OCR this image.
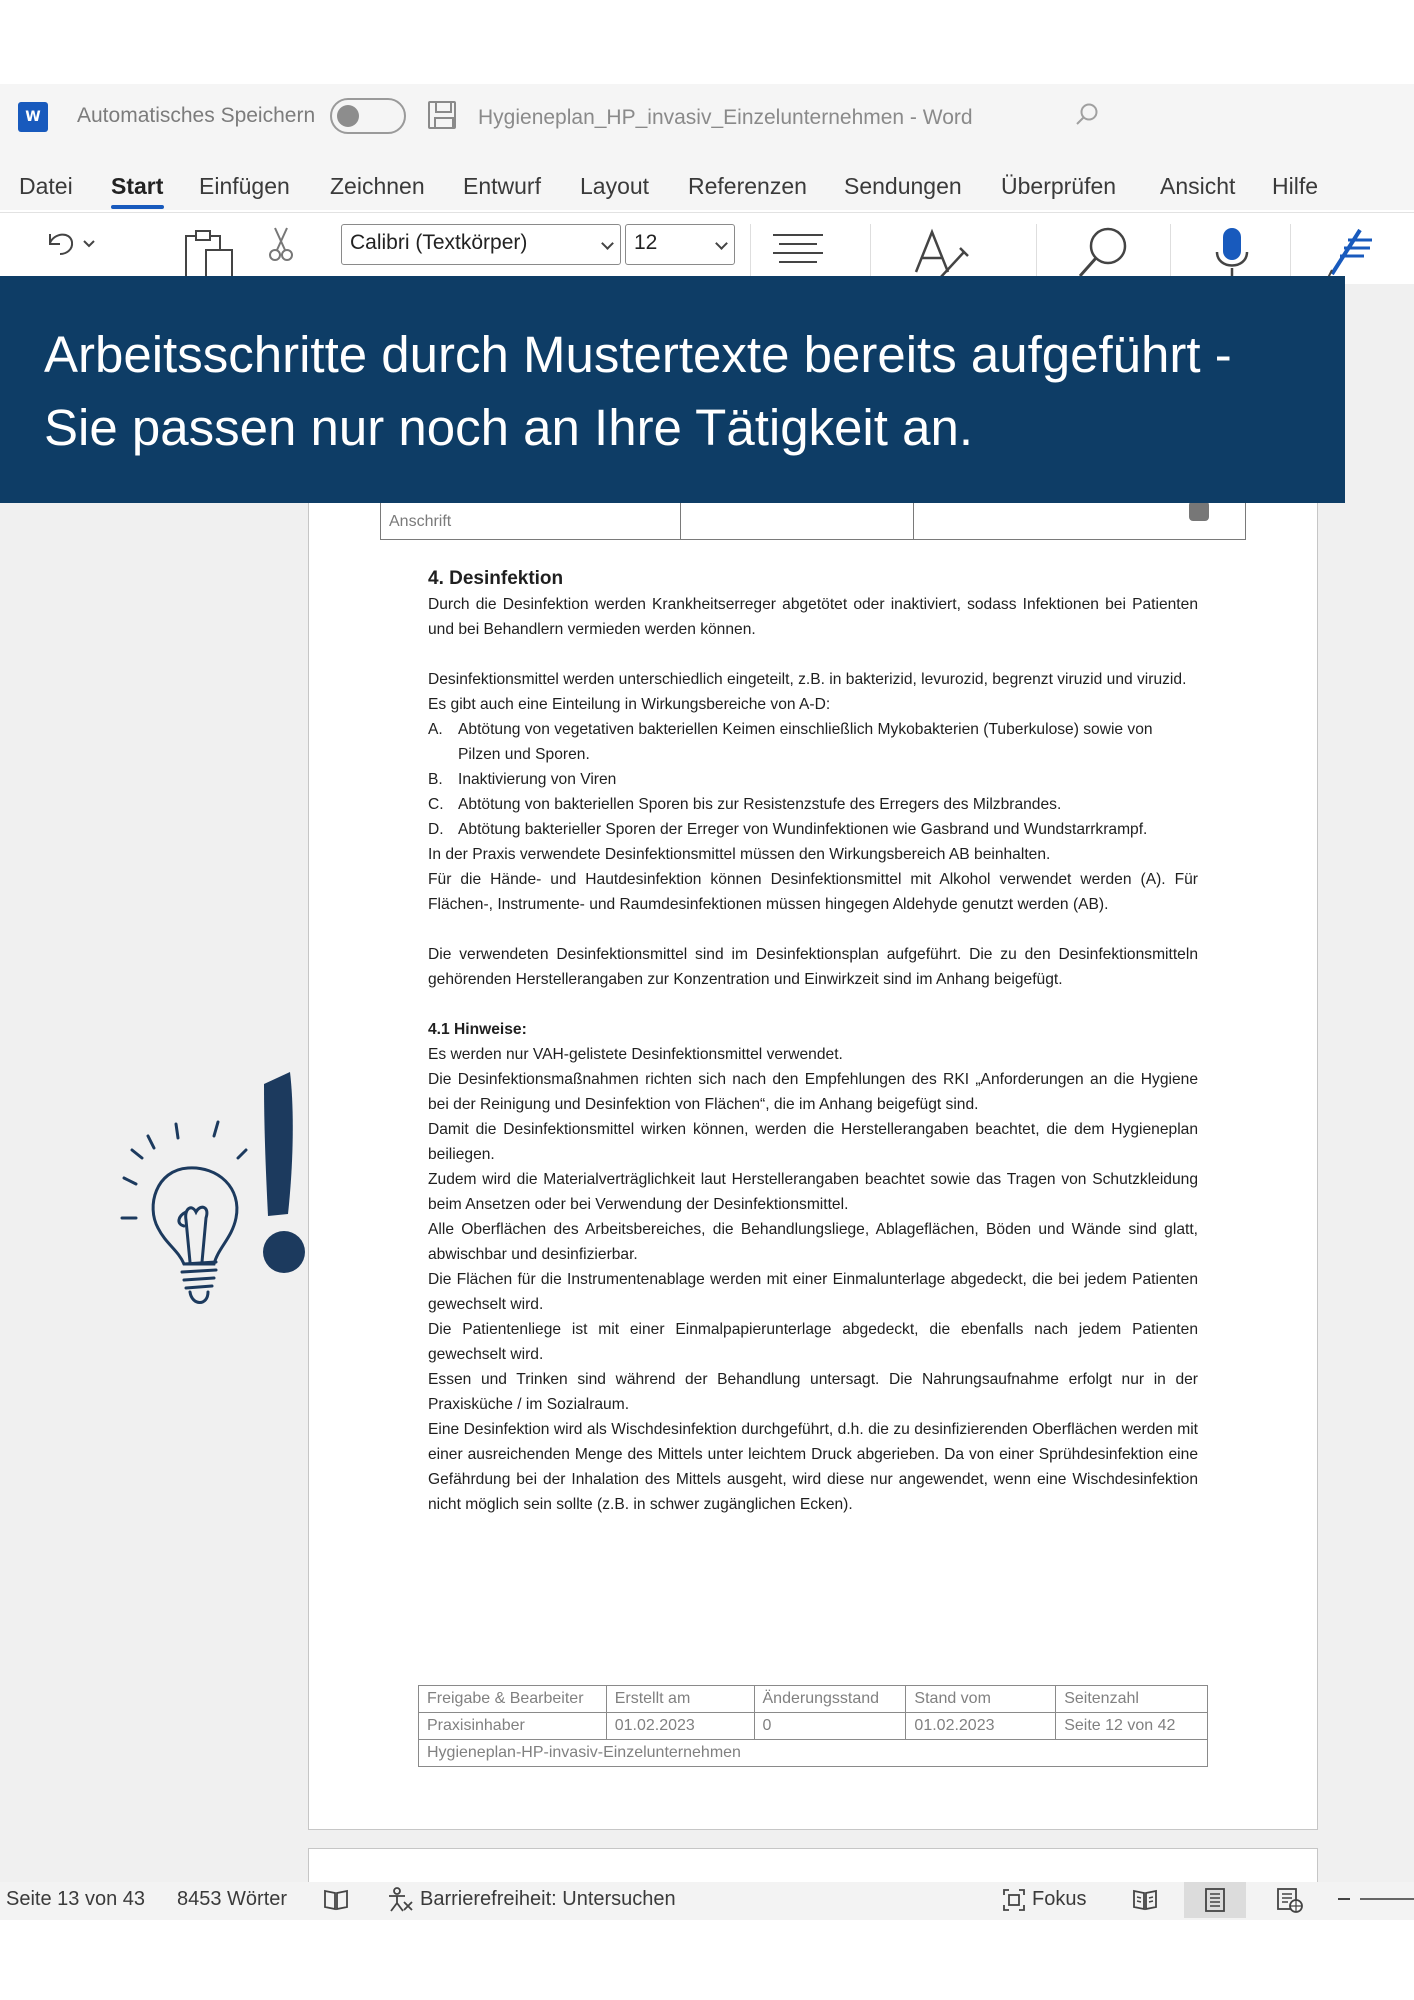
W	Automatisches Speichern	Hygieneplan_HP_invasiv_Einzelunternehmen - Word
Datei Start Einfügen Zeichnen Entwurf Layout Referenzen Sendungen Überprüfen Ansicht Hilfe
Calibri (Textkörper)	12
Anschrift
4. Desinfektion

Durch die Desinfektion werden Krankheitserreger abgetötet oder inaktiviert, sodass Infektionen bei Patienten und bei Behandlern vermieden werden können.

Desinfektionsmittel werden unterschiedlich eingeteilt, z.B. in bakterizid, levurozid, begrenzt viruzid und viruzid.

Es gibt auch eine Einteilung in Wirkungsbereiche von A-D:

A. Abtötung von vegetativen bakteriellen Keimen einschließlich Mykobakterien (Tuberkulose) sowie von Pilzen und Sporen.
B. Inaktivierung von Viren
C. Abtötung von bakteriellen Sporen bis zur Resistenzstufe des Erregers des Milzbrandes.
D. Abtötung bakterieller Sporen der Erreger von Wundinfektionen wie Gasbrand und Wundstarrkrampf.

In der Praxis verwendete Desinfektionsmittel müssen den Wirkungsbereich AB beinhalten.

Für die Hände- und Hautdesinfektion können Desinfektionsmittel mit Alkohol verwendet werden (A). Für Flächen-, Instrumente- und Raumdesinfektionen müssen hingegen Aldehyde genutzt werden (AB).

Die verwendeten Desinfektionsmittel sind im Desinfektionsplan aufgeführt. Die zu den Desinfektionsmitteln gehörenden Herstellerangaben zur Konzentration und Einwirkzeit sind im Anhang beigefügt.

4.1 Hinweise:

Es werden nur VAH-gelistete Desinfektionsmittel verwendet.

Die Desinfektionsmaßnahmen richten sich nach den Empfehlungen des RKI „Anforderungen an die Hygiene bei der Reinigung und Desinfektion von Flächen“, die im Anhang beigefügt sind.

Damit die Desinfektionsmittel wirken können, werden die Herstellerangaben beachtet, die dem Hygieneplan beiliegen.

Zudem wird die Materialverträglichkeit laut Herstellerangaben beachtet sowie das Tragen von Schutzkleidung beim Ansetzen oder bei Verwendung der Desinfektionsmittel.

Alle Oberflächen des Arbeitsbereiches, die Behandlungsliege, Ablageflächen, Böden und Wände sind glatt, abwischbar und desinfizierbar.

Die Flächen für die Instrumentenablage werden mit einer Einmalunterlage abgedeckt, die bei jedem Patienten gewechselt wird.

Die Patientenliege ist mit einer Einmalpapierunterlage abgedeckt, die ebenfalls nach jedem Patienten gewechselt wird.

Essen und Trinken sind während der Behandlung untersagt. Die Nahrungsaufnahme erfolgt nur in der Praxisküche / im Sozialraum.

Eine Desinfektion wird als Wischdesinfektion durchgeführt, d.h. die zu desinfizierenden Oberflächen werden mit einer ausreichenden Menge des Mittels unter leichtem Druck abgerieben. Da von einer Sprühdesinfektion eine Gefährdung bei der Inhalation des Mittels ausgeht, wird diese nur angewendet, wenn eine Wischdesinfektion nicht möglich sein sollte (z.B. in schwer zugänglichen Ecken).

Freigabe & Bearbeiter	Erstellt am	Änderungsstand	Stand vom	Seitenzahl
Praxisinhaber	01.02.2023	0	01.02.2023	Seite 12 von 42
Hygieneplan-HP-invasiv-Einzelunternehmen				
Arbeitsschritte durch Mustertexte bereits aufgeführt -
Sie passen nur noch an Ihre Tätigkeit an.
Seite 13 von 43 8453 Wörter	Barrierefreiheit: Untersuchen	Fokus
